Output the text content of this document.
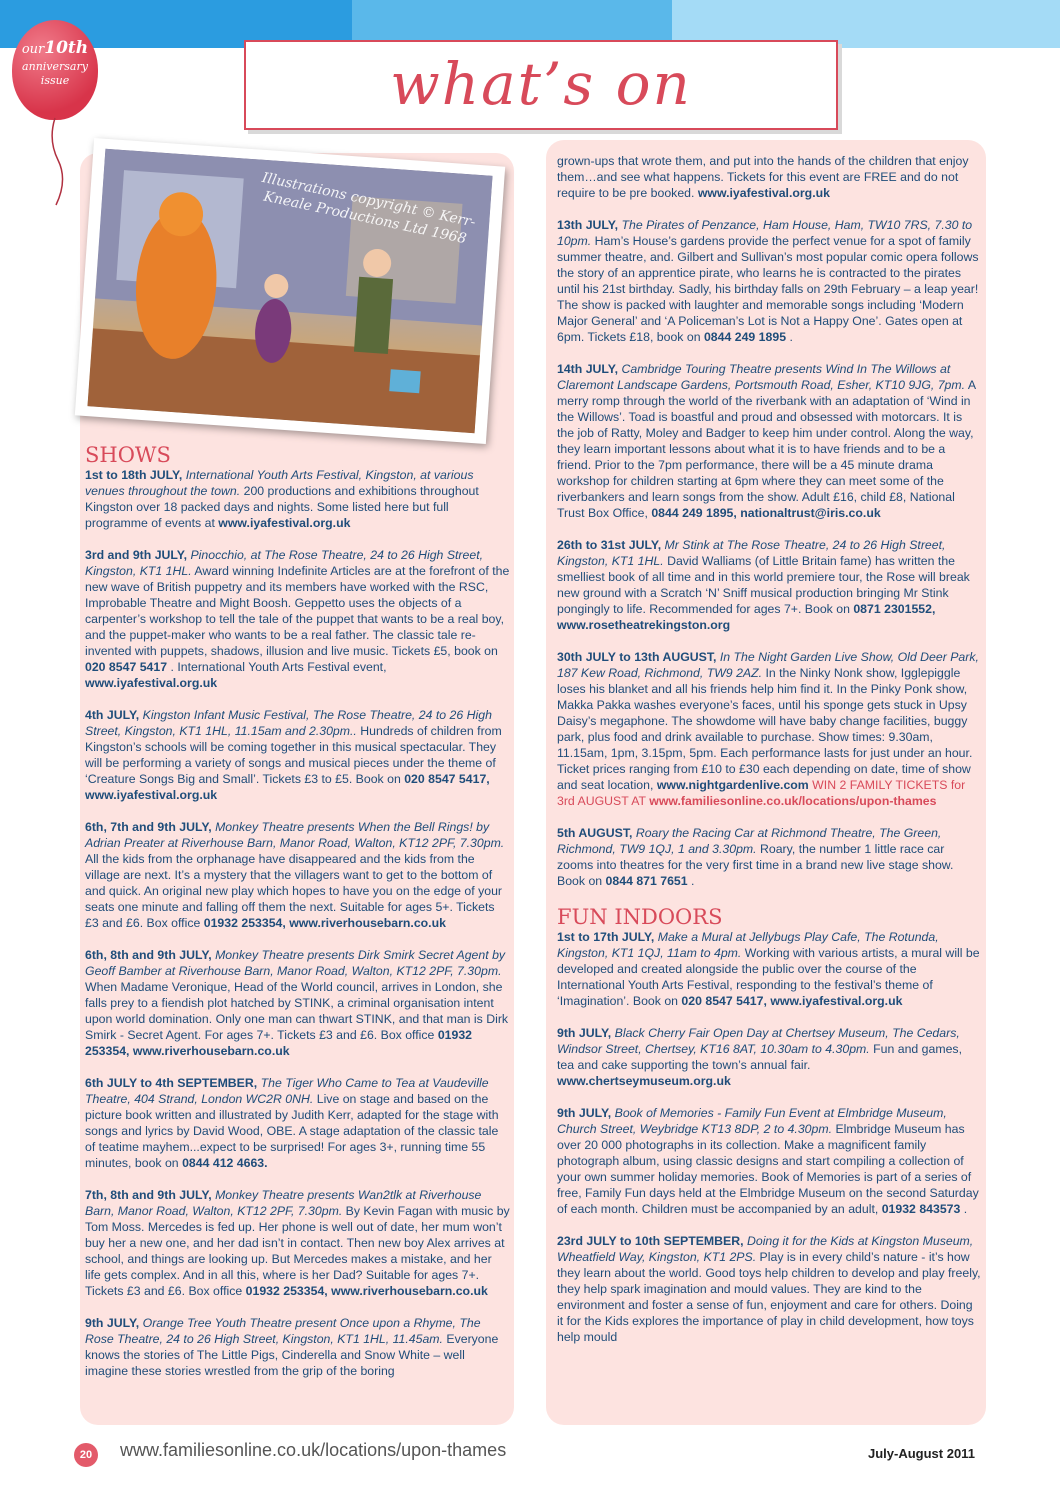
our10th
anniversary
issue	what’s on
Illustrations copyright © Kerr-Kneale Productions Ltd 1968
SHOWS

1st to 18th JULY, International Youth Arts Festival, Kingston, at various venues throughout the town. 200 productions and exhibitions throughout Kingston over 18 packed days and nights. Some listed here but full programme of events at www.iyafestival.org.uk

3rd and 9th JULY, Pinocchio, at The Rose Theatre, 24 to 26 High Street, Kingston, KT1 1HL. Award winning Indefinite Articles are at the forefront of the new wave of British puppetry and its members have worked with the RSC, Improbable Theatre and Might Boosh. Geppetto uses the objects of a carpenter’s workshop to tell the tale of the puppet that wants to be a real boy, and the puppet-maker who wants to be a real father. The classic tale re-invented with puppets, shadows, illusion and live music. Tickets £5, book on 020 8547 5417 . International Youth Arts Festival event, www.iyafestival.org.uk

4th JULY, Kingston Infant Music Festival, The Rose Theatre, 24 to 26 High Street, Kingston, KT1 1HL, 11.15am and 2.30pm.. Hundreds of children from Kingston’s schools will be coming together in this musical spectacular. They will be performing a variety of songs and musical pieces under the theme of ‘Creature Songs Big and Small’. Tickets £3 to £5. Book on 020 8547 5417, www.iyafestival.org.uk

6th, 7th and 9th JULY, Monkey Theatre presents When the Bell Rings! by Adrian Preater at Riverhouse Barn, Manor Road, Walton, KT12 2PF, 7.30pm. All the kids from the orphanage have disappeared and the kids from the village are next. It’s a mystery that the villagers want to get to the bottom of and quick. An original new play which hopes to have you on the edge of your seats one minute and falling off them the next. Suitable for ages 5+. Tickets £3 and £6. Box office 01932 253354, www.riverhousebarn.co.uk

6th, 8th and 9th JULY, Monkey Theatre presents Dirk Smirk Secret Agent by Geoff Bamber at Riverhouse Barn, Manor Road, Walton, KT12 2PF, 7.30pm. When Madame Veronique, Head of the World council, arrives in London, she falls prey to a fiendish plot hatched by STINK, a criminal organisation intent upon world domination. Only one man can thwart STINK, and that man is Dirk Smirk - Secret Agent. For ages 7+. Tickets £3 and £6. Box office 01932 253354, www.riverhousebarn.co.uk

6th JULY to 4th SEPTEMBER, The Tiger Who Came to Tea at Vaudeville Theatre, 404 Strand, London WC2R 0NH. Live on stage and based on the picture book written and illustrated by Judith Kerr, adapted for the stage with songs and lyrics by David Wood, OBE. A stage adaptation of the classic tale of teatime mayhem...expect to be surprised! For ages 3+, running time 55 minutes, book on 0844 412 4663.

7th, 8th and 9th JULY, Monkey Theatre presents Wan2tlk at Riverhouse Barn, Manor Road, Walton, KT12 2PF, 7.30pm. By Kevin Fagan with music by Tom Moss. Mercedes is fed up. Her phone is well out of date, her mum won’t buy her a new one, and her dad isn’t in contact. Then new boy Alex arrives at school, and things are looking up. But Mercedes makes a mistake, and her life gets complex. And in all this, where is her Dad? Suitable for ages 7+. Tickets £3 and £6. Box office 01932 253354, www.riverhousebarn.co.uk

9th JULY, Orange Tree Youth Theatre present Once upon a Rhyme, The Rose Theatre, 24 to 26 High Street, Kingston, KT1 1HL, 11.45am. Everyone knows the stories of The Little Pigs, Cinderella and Snow White – well imagine these stories wrestled from the grip of the boring

grown-ups that wrote them, and put into the hands of the children that enjoy them…and see what happens. Tickets for this event are FREE and do not require to be pre booked. www.iyafestival.org.uk

13th JULY, The Pirates of Penzance, Ham House, Ham, TW10 7RS, 7.30 to 10pm. Ham’s House’s gardens provide the perfect venue for a spot of family summer theatre, and. Gilbert and Sullivan’s most popular comic opera follows the story of an apprentice pirate, who learns he is contracted to the pirates until his 21st birthday. Sadly, his birthday falls on 29th February – a leap year! The show is packed with laughter and memorable songs including ‘Modern Major General’ and ‘A Policeman’s Lot is Not a Happy One’. Gates open at 6pm. Tickets £18, book on 0844 249 1895 .

14th JULY, Cambridge Touring Theatre presents Wind In The Willows at Claremont Landscape Gardens, Portsmouth Road, Esher, KT10 9JG, 7pm. A merry romp through the world of the riverbank with an adaptation of ‘Wind in the Willows’. Toad is boastful and proud and obsessed with motorcars. It is the job of Ratty, Moley and Badger to keep him under control. Along the way, they learn important lessons about what it is to have friends and to be a friend. Prior to the 7pm performance, there will be a 45 minute drama workshop for children starting at 6pm where they can meet some of the riverbankers and learn songs from the show. Adult £16, child £8, National Trust Box Office, 0844 249 1895, nationaltrust@iris.co.uk

26th to 31st JULY, Mr Stink at The Rose Theatre, 24 to 26 High Street, Kingston, KT1 1HL. David Walliams (of Little Britain fame) has written the smelliest book of all time and in this world premiere tour, the Rose will break new ground with a Scratch ‘N’ Sniff musical production bringing Mr Stink pongingly to life. Recommended for ages 7+. Book on 0871 2301552, www.rosetheatrekingston.org

30th JULY to 13th AUGUST, In The Night Garden Live Show, Old Deer Park, 187 Kew Road, Richmond, TW9 2AZ. In the Ninky Nonk show, Igglepiggle loses his blanket and all his friends help him find it. In the Pinky Ponk show, Makka Pakka washes everyone’s faces, until his sponge gets stuck in Upsy Daisy’s megaphone. The showdome will have baby change facilities, buggy park, plus food and drink available to purchase. Show times: 9.30am, 11.15am, 1pm, 3.15pm, 5pm. Each performance lasts for just under an hour. Ticket prices ranging from £10 to £30 each depending on date, time of show and seat location, www.nightgardenlive.com WIN 2 FAMILY TICKETS for 3rd AUGUST AT www.familiesonline.co.uk/locations/upon-thames

5th AUGUST, Roary the Racing Car at Richmond Theatre, The Green, Richmond, TW9 1QJ, 1 and 3.30pm. Roary, the number 1 little race car zooms into theatres for the very first time in a brand new live stage show. Book on 0844 871 7651 .

FUN INDOORS

1st to 17th JULY, Make a Mural at Jellybugs Play Cafe, The Rotunda, Kingston, KT1 1QJ, 11am to 4pm. Working with various artists, a mural will be developed and created alongside the public over the course of the International Youth Arts Festival, responding to the festival’s theme of ‘Imagination’. Book on 020 8547 5417, www.iyafestival.org.uk

9th JULY, Black Cherry Fair Open Day at Chertsey Museum, The Cedars, Windsor Street, Chertsey, KT16 8AT, 10.30am to 4.30pm. Fun and games, tea and cake supporting the town’s annual fair. www.chertseymuseum.org.uk

9th JULY, Book of Memories - Family Fun Event at Elmbridge Museum, Church Street, Weybridge KT13 8DP, 2 to 4.30pm. Elmbridge Museum has over 20 000 photographs in its collection. Make a magnificent family photograph album, using classic designs and start compiling a collection of your own summer holiday memories. Book of Memories is part of a series of free, Family Fun days held at the Elmbridge Museum on the second Saturday of each month. Children must be accompanied by an adult, 01932 843573 .

23rd JULY to 10th SEPTEMBER, Doing it for the Kids at Kingston Museum, Wheatfield Way, Kingston, KT1 2PS. Play is in every child’s nature - it’s how they learn about the world. Good toys help children to develop and play freely, they help spark imagination and mould values. They are kind to the environment and foster a sense of fun, enjoyment and care for others. Doing it for the Kids explores the importance of play in child development, how toys help mould

20	www.familiesonline.co.uk/locations/upon-thames	July-August 2011
